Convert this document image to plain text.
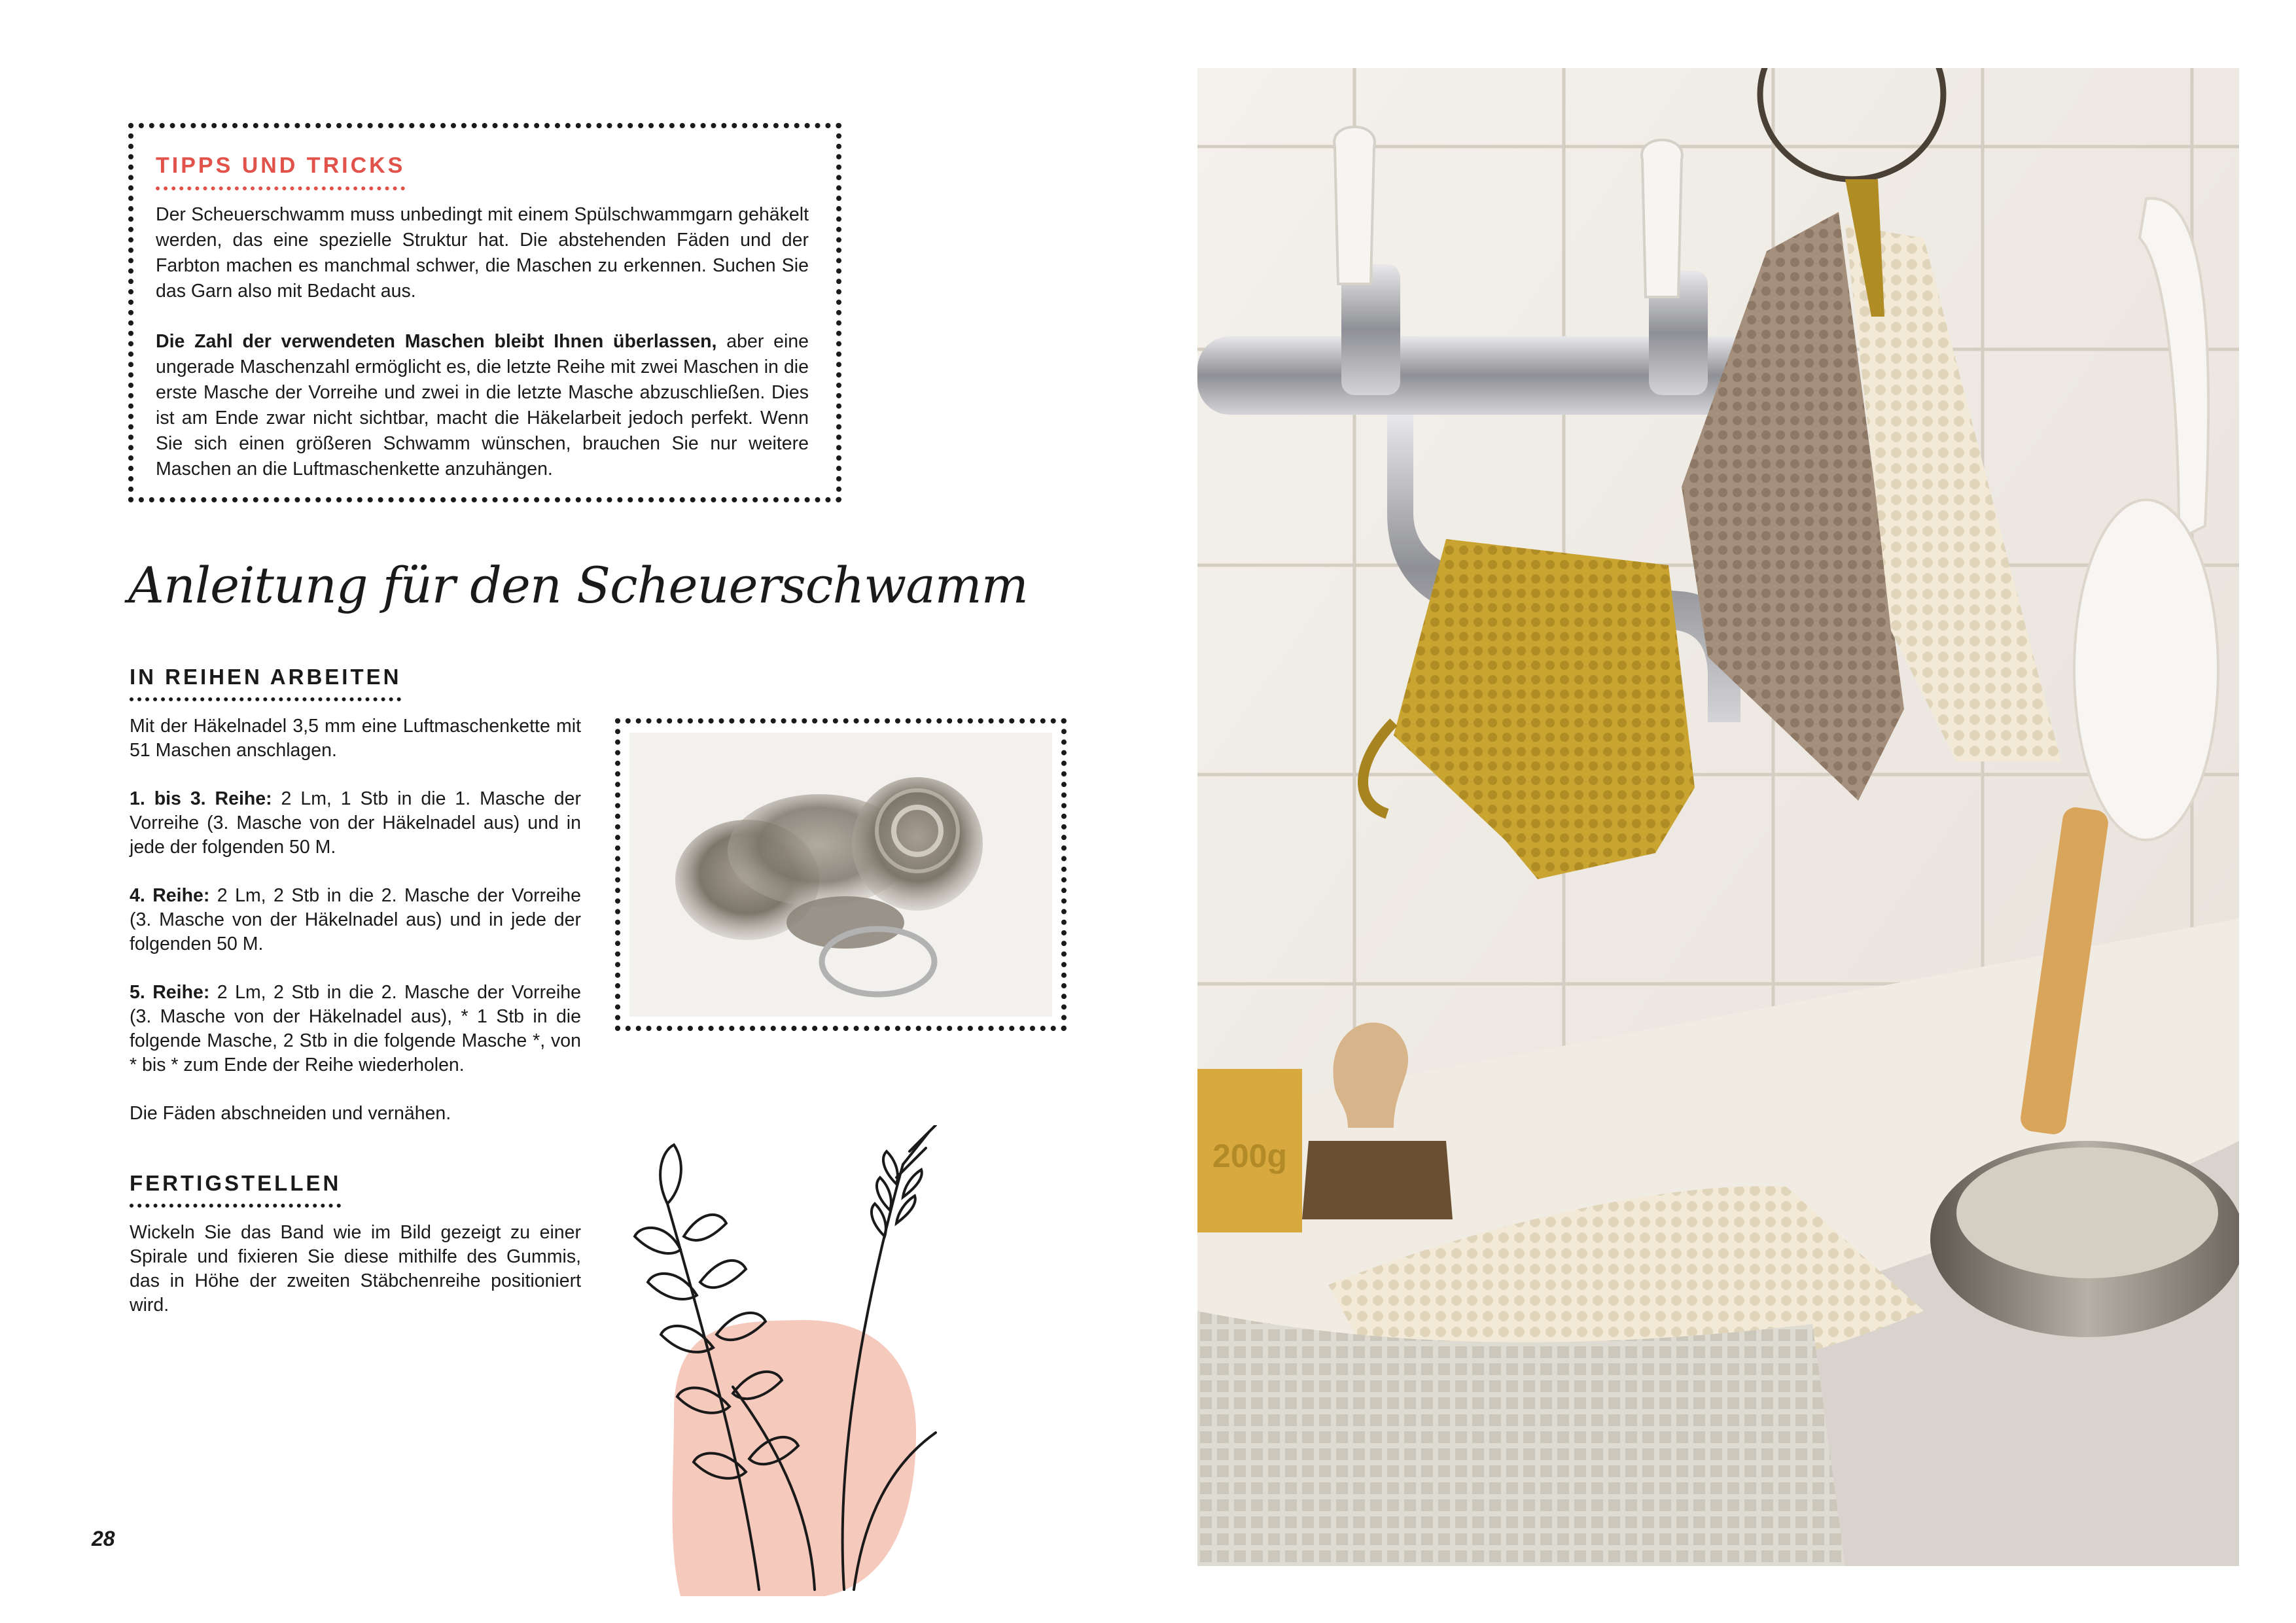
TIPPS UND TRICKS

Der Scheuerschwamm muss unbedingt mit einem Spülschwammgarn gehäkelt werden, das eine spezielle Struktur hat. Die abstehenden Fäden und der Farbton machen es manchmal schwer, die Maschen zu erkennen. Suchen Sie das Garn also mit Bedacht aus.

Die Zahl der verwendeten Maschen bleibt Ihnen überlassen, aber eine ungerade Maschenzahl ermöglicht es, die letzte Reihe mit zwei Maschen in die erste Masche der Vorreihe und zwei in die letzte Masche abzuschließen. Dies ist am Ende zwar nicht sichtbar, macht die Häkelarbeit jedoch perfekt. Wenn Sie sich einen größeren Schwamm wünschen, brauchen Sie nur weitere Maschen an die Luftmaschenkette anzuhängen.

Anleitung für den Scheuerschwamm
IN REIHEN ARBEITEN

Mit der Häkelnadel 3,5 mm eine Luftmaschenkette mit 51 Maschen anschlagen.

1. bis 3. Reihe: 2 Lm, 1 Stb in die 1. Masche der Vorreihe (3. Masche von der Häkelnadel aus) und in jede der folgenden 50 M.

4. Reihe: 2 Lm, 2 Stb in die 2. Masche der Vorreihe (3. Masche von der Häkelnadel aus) und in jede der folgenden 50 M.

5. Reihe: 2 Lm, 2 Stb in die 2. Masche der Vorreihe (3. Masche von der Häkelnadel aus), * 1 Stb in die folgende Masche, 2 Stb in die folgende Masche *, von * bis * zum Ende der Reihe wiederholen.

Die Fäden abschneiden und vernähen.

FERTIGSTELLEN

Wickeln Sie das Band wie im Bild gezeigt zu einer Spirale und fixieren Sie diese mithilfe des Gummis, das in Höhe der zweiten Stäbchenreihe positioniert wird.

28
200g
